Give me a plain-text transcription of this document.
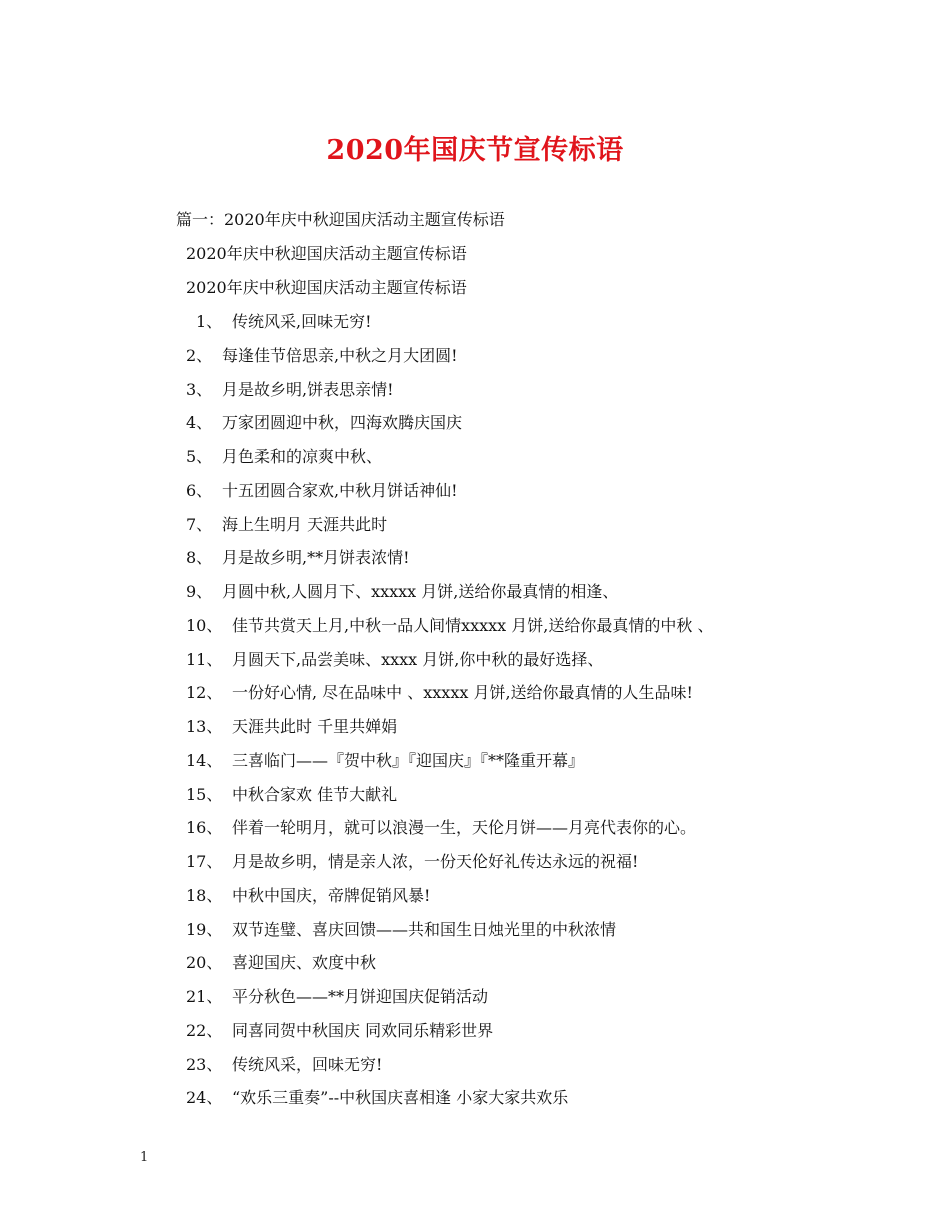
2020年国庆节宣传标语
篇一：2020年庆中秋迎国庆活动主题宣传标语
2020年庆中秋迎国庆活动主题宣传标语
2020年庆中秋迎国庆活动主题宣传标语
1、 传统风采,回味无穷!
2、 每逢佳节倍思亲,中秋之月大团圆!
3、 月是故乡明,饼表思亲情!
4、 万家团圆迎中秋，四海欢腾庆国庆
5、 月色柔和的凉爽中秋、
6、 十五团圆合家欢,中秋月饼话神仙!
7、 海上生明月 天涯共此时
8、 月是故乡明,**月饼表浓情!
9、 月圆中秋,人圆月下、xxxxx 月饼,送给你最真情的相逢、
10、 佳节共赏天上月,中秋一品人间情xxxxx 月饼,送给你最真情的中秋 、
11、 月圆天下,品尝美味、xxxx 月饼,你中秋的最好选择、
12、 一份好心情, 尽在品味中 、xxxxx 月饼,送给你最真情的人生品味!
13、 天涯共此时 千里共婵娟
14、 三喜临门——『贺中秋』『迎国庆』『**隆重开幕』
15、 中秋合家欢 佳节大献礼
16、 伴着一轮明月，就可以浪漫一生，天伦月饼——月亮代表你的心。
17、 月是故乡明，情是亲人浓，一份天伦好礼传达永远的祝福!
18、 中秋中国庆，帝牌促销风暴!
19、 双节连璧、喜庆回馈——共和国生日烛光里的中秋浓情
20、 喜迎国庆、欢度中秋
21、 平分秋色——**月饼迎国庆促销活动
22、 同喜同贺中秋国庆 同欢同乐精彩世界
23、 传统风采，回味无穷!
24、 “欢乐三重奏”--中秋国庆喜相逢 小家大家共欢乐
1
